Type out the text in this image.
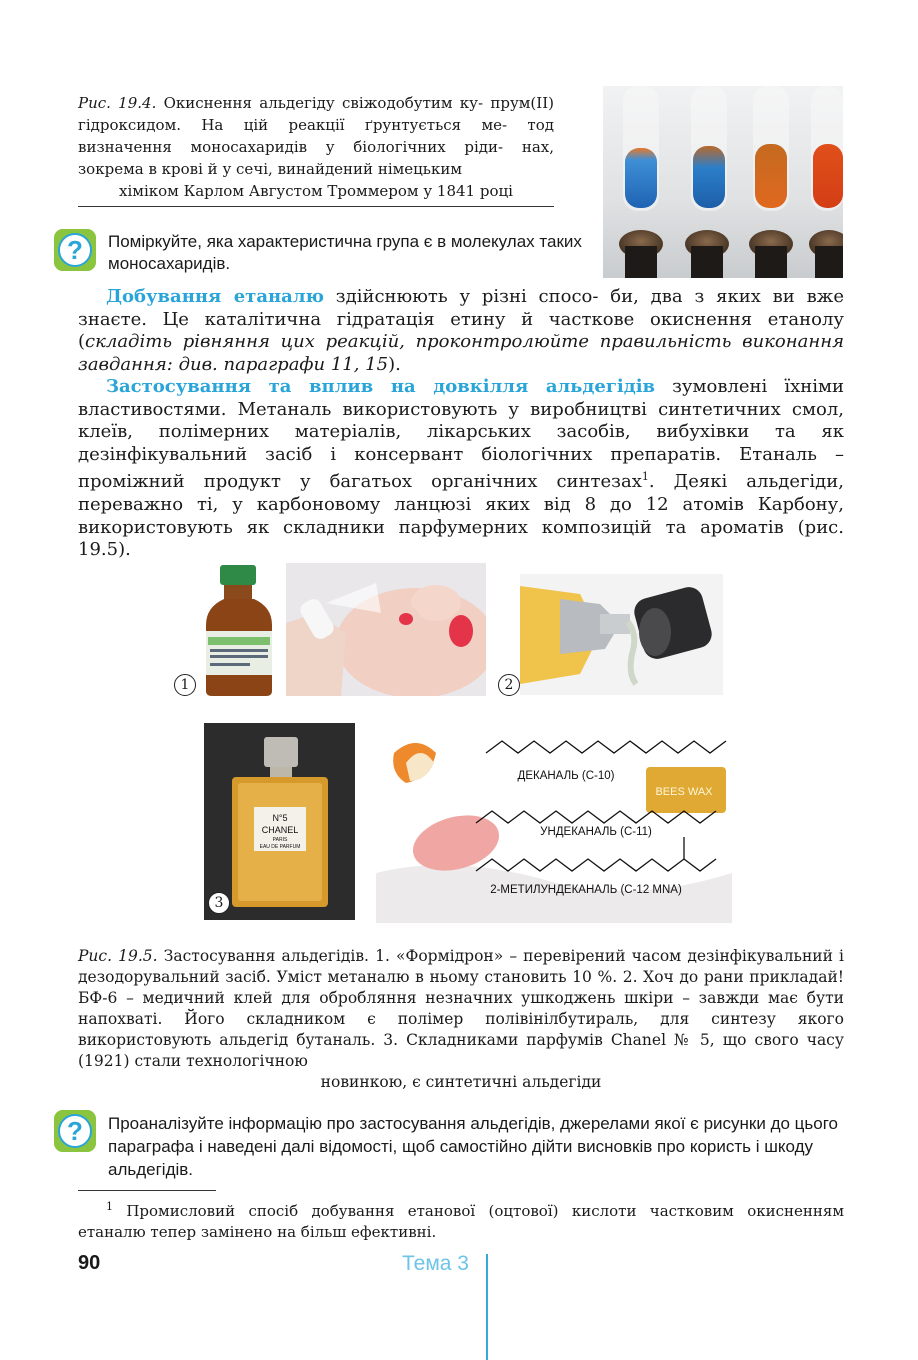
Рис. 19.4. Окиснення альдегіду свіжодобутим ку- прум(II) гідроксидом. На цій реакції ґрунтується ме- тод визначення моносахаридів у біологічних ріди- нах, зокрема в крові й у сечі, винайдений німецьким
хіміком Карлом Августом Троммером у 1841 році
? Поміркуйте, яка характеристична група є в молекулах таких моносахаридів.
Добування етаналю здійснюють у різні спосо- би, два з яких ви вже знаєте. Це каталітична гідратація етину й часткове окиснення етанолу (складіть рівняння цих реакцій, проконтролюйте правильність виконання завдання: див. параграфи 11, 15).
Застосування та вплив на довкілля альдегідів зумовлені їхніми властивостями. Метаналь використовують у виробництві синтетичних смол, клеїв, полімерних матеріалів, лікарських засобів, вибухівки та як дезінфікувальний засіб і консервант біологічних препаратів. Етаналь – проміжний продукт у багатьох органічних синтезах$^1$. Деякі альдегіди, переважно ті, у карбоновому ланцюзі яких від 8 до 12 атомів Карбону, використовують як складники парфумерних композицій та ароматів (рис. 19.5).
N°5
CHANEL
PARIS
EAU DE PARFUM
BEES WAX
ДЕКАНАЛЬ (С-10)
УНДЕКАНАЛЬ (С-11)
2-МЕТИЛУНДЕКАНАЛЬ (С-12 MNA)
1	2
3
Рис. 19.5. Застосування альдегідів. 1. «Формідрон» – перевірений часом дезінфікувальний і дезодорувальний засіб. Уміст метаналю в ньому становить 10 %. 2. Хоч до рани прикладай! БФ-6 – медичний клей для обробляння незначних ушкоджень шкіри – завжди має бути напохваті. Його складником є полімер полівінілбутираль, для синтезу якого використовують альдегід бутаналь. 3. Складниками парфумів Chanel № 5, що свого часу (1921) стали технологічною
новинкою, є синтетичні альдегіди
? Проаналізуйте інформацію про застосування альдегідів, джерелами якої є рисунки до цього параграфа і наведені далі відомості, щоб самостійно дійти висновків про користь і шкоду альдегідів.
$^1$ Промисловий спосіб добування етанової (оцтової) кислоти частковим окисненням етаналю тепер замінено на більш ефективні.
90	Тема 3
